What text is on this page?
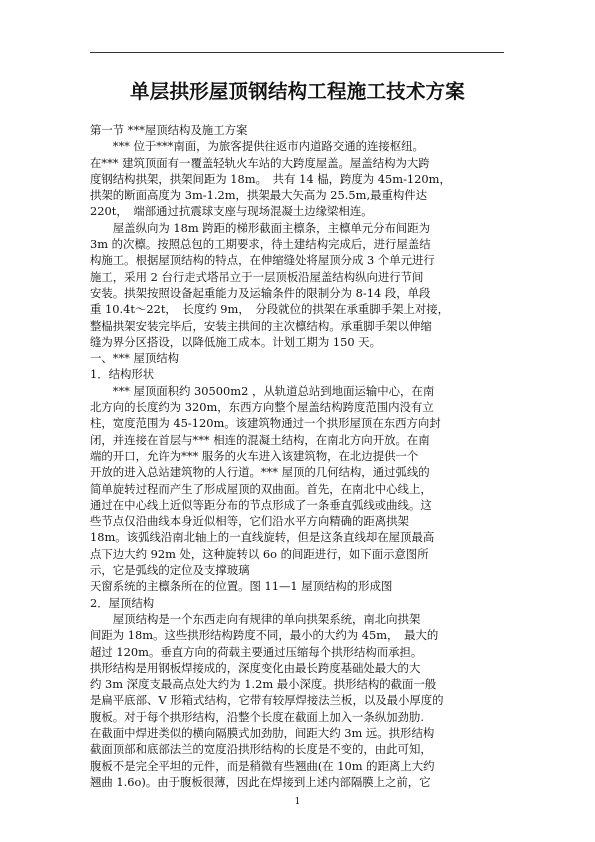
单层拱形屋顶钢结构工程施工技术方案
第一节 ***屋顶结构及施工方案
　　*** 位于***南面，为旅客提供往返市内道路交通的连接枢纽。
在*** 建筑顶面有一覆盖轻轨火车站的大跨度屋盖。屋盖结构为大跨
度钢结构拱架，拱架间距为 18m。　共有 14 榀，跨度为 45m-120m，
拱架的断面高度为 3m-1.2m，拱架最大矢高为 25.5m,最重构件达
220t，　端部通过抗震球支座与现场混凝土边缘梁相连。
　　屋盖纵向为 18m 跨距的梯形截面主檩条，主檩单元分布间距为
3m 的次檩。按照总包的工期要求，待土建结构完成后，进行屋盖结
构施工。根据屋顶结构的特点，在伸缩缝处将屋顶分成 3 个单元进行
施工，采用 2 台行走式塔吊立于一层顶板沿屋盖结构纵向进行节间
安装。拱架按照设备起重能力及运输条件的限制分为 8-14 段，单段
重 10.4t～22t，　长度约 9m，　分段就位的拱架在承重脚手架上对接，
整榀拱架安装完毕后，安装主拱间的主次檩结构。承重脚手架以伸缩
缝为界分区搭设，以降低施工成本。计划工期为 150 天。
一、*** 屋顶结构
1．结构形状
　　*** 屋顶面积约 30500m2 ，从轨道总站到地面运输中心，在南
北方向的长度约为 320m，东西方向整个屋盖结构跨度范围内没有立
柱，宽度范围为 45-120m。该建筑物通过一个拱形屋顶在东西方向封
闭，并连接在首层与*** 相连的混凝土结构，在南北方向开放。在南
端的开口，允许为*** 服务的火车进入该建筑物，在北边提供一个
开放的进入总站建筑物的人行道。*** 屋顶的几何结构，通过弧线的
简单旋转过程而产生了形成屋顶的双曲面。首先，在南北中心线上，
通过在中心线上近似等距分布的节点形成了一条垂直弧线或曲线。这
些节点仅沿曲线本身近似相等，它们沿水平方向精确的距离拱架
18m。该弧线沿南北轴上的一直线旋转，但是这条直线却在屋顶最高
点下边大约 92m 处，这种旋转以 6o 的间距进行，如下面示意图所
示，它是弧线的定位及支撑玻璃
天窗系统的主檩条所在的位置。图 11—1 屋顶结构的形成图
2．屋顶结构
　　屋顶结构是一个东西走向有规律的单向拱架系统，南北向拱架
间距为 18m。这些拱形结构跨度不同，最小的大约为 45m，　最大的
超过 120m。垂直方向的荷载主要通过压缩每个拱形结构而承担。
拱形结构是用钢板焊接成的，深度变化由最长跨度基础处最大的大
约 3m 深度支最高点处大约为 1.2m 最小深度。拱形结构的截面一般
是扁平底部、V 形箱式结构，它带有较厚焊接法兰板，以及最小厚度的
腹板。对于每个拱形结构，沿整个长度在截面上加入一条纵加劲肋.
在截面中焊进类似的横向隔膜式加劲肋，间距大约 3m 远。拱形结构
截面顶部和底部法兰的宽度沿拱形结构的长度是不变的，由此可知，
腹板不是完全平坦的元件，而是稍微有些翘曲(在 10m 的距离上大约
翘曲 1.6o)。由于腹板很薄，因此在焊接到上述内部隔膜上之前，它
1
